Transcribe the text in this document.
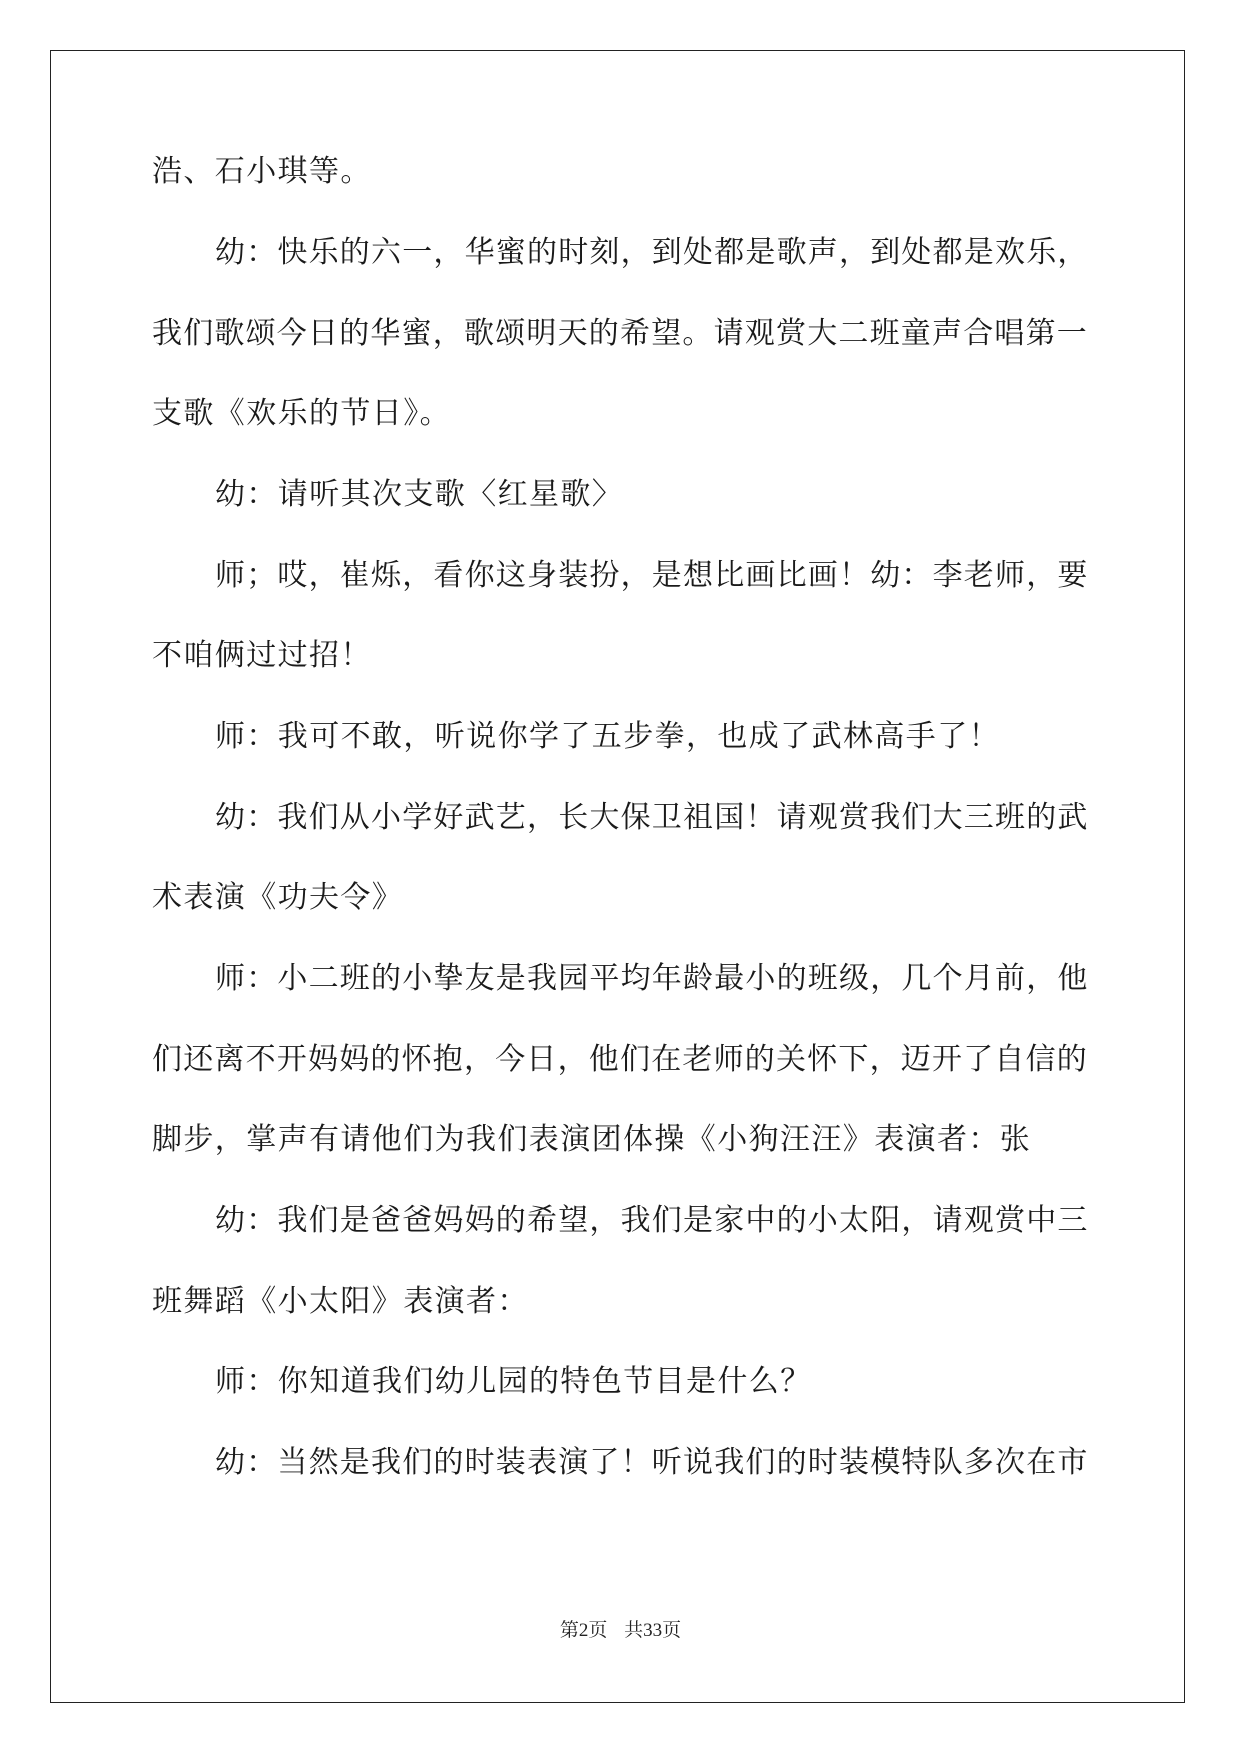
浩、石小琪等。
幼：快乐的六一，华蜜的时刻，到处都是歌声，到处都是欢乐，
我们歌颂今日的华蜜，歌颂明天的希望。请观赏大二班童声合唱第一
支歌《欢乐的节日》。
幼：请听其次支歌〈红星歌〉
师；哎，崔烁，看你这身装扮，是想比画比画！幼：李老师，要
不咱俩过过招！
师：我可不敢，听说你学了五步拳，也成了武林高手了！
幼：我们从小学好武艺，长大保卫祖国！请观赏我们大三班的武
术表演《功夫令》
师：小二班的小挚友是我园平均年龄最小的班级，几个月前，他
们还离不开妈妈的怀抱，今日，他们在老师的关怀下，迈开了自信的
脚步，掌声有请他们为我们表演团体操《小狗汪汪》表演者：张
幼：我们是爸爸妈妈的希望，我们是家中的小太阳，请观赏中三
班舞蹈《小太阳》表演者：
师：你知道我们幼儿园的特色节目是什么？
幼：当然是我们的时装表演了！听说我们的时装模特队多次在市
第2页 共33页
